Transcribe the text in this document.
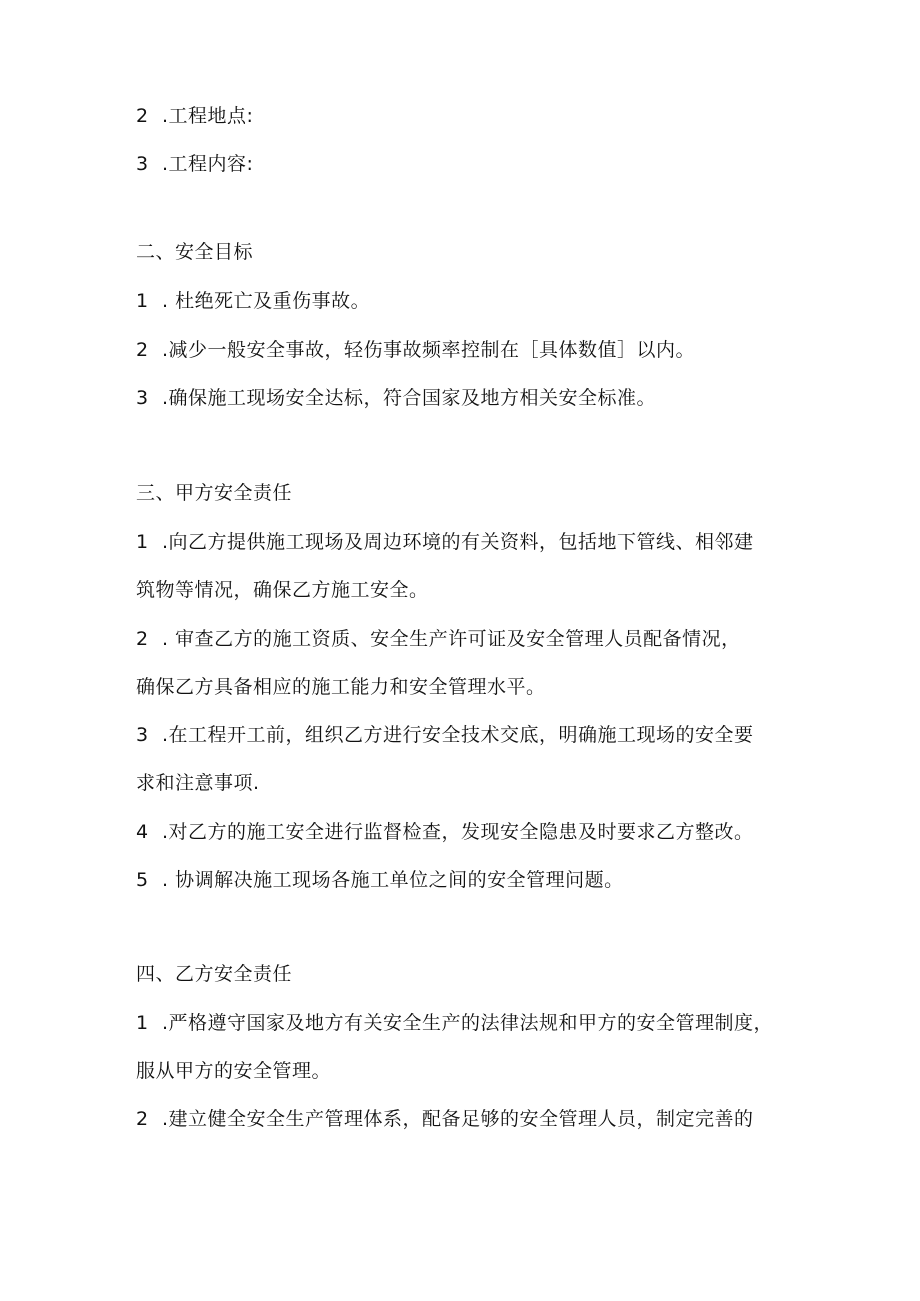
2 .工程地点:
3 .工程内容:
二、安全目标
1 . 杜绝死亡及重伤事故。
2 .减少一般安全事故，轻伤事故频率控制在［具体数值］以内。
3 .确保施工现场安全达标，符合国家及地方相关安全标准。
三、甲方安全责任
1 .向乙方提供施工现场及周边环境的有关资料，包括地下管线、相邻建
筑物等情况，确保乙方施工安全。
2 . 审查乙方的施工资质、安全生产许可证及安全管理人员配备情况，
确保乙方具备相应的施工能力和安全管理水平。
3 .在工程开工前，组织乙方进行安全技术交底，明确施工现场的安全要
求和注意事项.
4 .对乙方的施工安全进行监督检查，发现安全隐患及时要求乙方整改。
5 . 协调解决施工现场各施工单位之间的安全管理问题。
四、乙方安全责任
1 .严格遵守国家及地方有关安全生产的法律法规和甲方的安全管理制度，
服从甲方的安全管理。
2 .建立健全安全生产管理体系，配备足够的安全管理人员，制定完善的
